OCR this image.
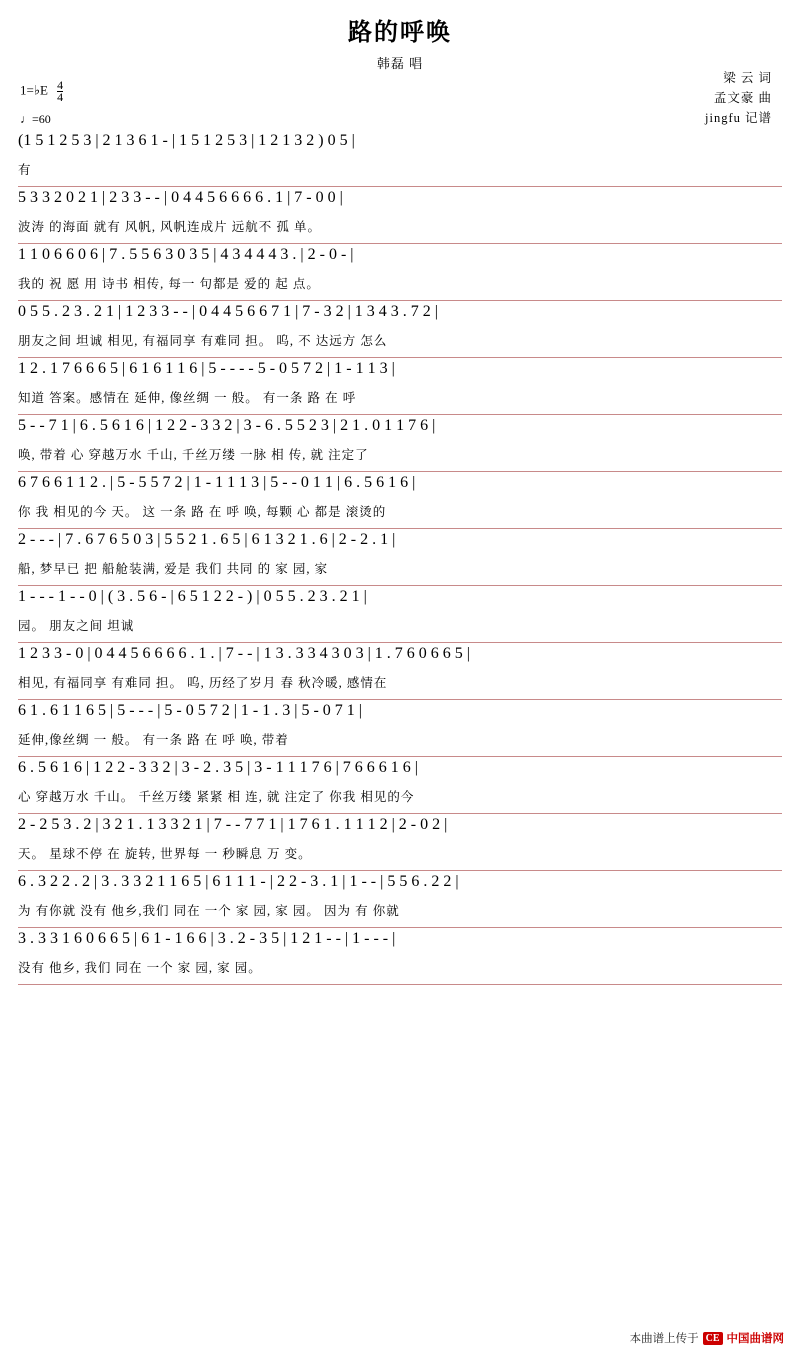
路的呼唤
韩磊 唱
梁 云 词
孟文豪 曲
jingfu 记谱
1=♭E $\frac{4}{4}$
♩=60
(1 5 1 2 5 3 | 2 1 3 6 1 - | 1 5 1 2 5 3 | 1 2 1 3 2 ) 0 5 |
有
5 3 3 2 0 2 1 | 2 3 3 - - | 0 4 4 5 6 6 6 6 . 1 | 7 - 0 0 |
波涛 的海面 就有 风帆, 风帆连成片 远航不 孤 单。
1 1 0 6 6 0 6 | 7 . 5 5 6 3 0 3 5 | 4 3 4 4 4 3 . | 2 - 0 - |
我的 祝 愿 用 诗书 相传, 每一 句都是 爱的 起 点。
0 5 5 . 2 3 . 2 1 | 1 2 3 3 - - | 0 4 4 5 6 6 7 1 | 7 - 3 2 | 1 3 4 3 . 7 2 |
朋友之间 坦诚 相见, 有福同享 有难同 担。 呜, 不 达远方 怎么
1 2 . 1 7 6 6 6 5 | 6 1 6 1 1 6 | 5 - - - - 5 - 0 5 7 2 | 1 - 1 1 3 |
知道 答案。感情在 延伸, 像丝绸 一 般。 有一条 路 在 呼
5 - - 7 1 | 6 . 5 6 1 6 | 1 2 2 - 3 3 2 | 3 - 6 . 5 5 2 3 | 2 1 . 0 1 1 7 6 |
唤, 带着 心 穿越万水 千山, 千丝万缕 一脉 相 传, 就 注定了
6 7 6 6 1 1 2 . | 5 - 5 5 7 2 | 1 - 1 1 1 3 | 5 - - 0 1 1 | 6 . 5 6 1 6 |
你 我 相见的今 天。 这 一条 路 在 呼 唤, 每颗 心 都是 滚烫的
2 - - - | 7 . 6 7 6 5 0 3 | 5 5 2 1 . 6 5 | 6 1 3 2 1 . 6 | 2 - 2 . 1 |
船, 梦早已 把 船舱装满, 爱是 我们 共同 的 家 园, 家
1 - - - 1 - - 0 | ( 3 . 5 6 - | 6 5 1 2 2 - ) | 0 5 5 . 2 3 . 2 1 |
园。 朋友之间 坦诚
1 2 3 3 - 0 | 0 4 4 5 6 6 6 6 . 1 . | 7 - - | 1 3 . 3 3 4 3 0 3 | 1 . 7 6 0 6 6 5 |
相见, 有福同享 有难同 担。 呜, 历经了岁月 春 秋冷暖, 感情在
6 1 . 6 1 1 6 5 | 5 - - - | 5 - 0 5 7 2 | 1 - 1 . 3 | 5 - 0 7 1 |
延伸,像丝绸 一 般。 有一条 路 在 呼 唤, 带着
6 . 5 6 1 6 | 1 2 2 - 3 3 2 | 3 - 2 . 3 5 | 3 - 1 1 1 7 6 | 7 6 6 6 1 6 |
心 穿越万水 千山。 千丝万缕 紧紧 相 连, 就 注定了 你我 相见的今
2 - 2 5 3 . 2 | 3 2 1 . 1 3 3 2 1 | 7 - - 7 7 1 | 1 7 6 1 . 1 1 1 2 | 2 - 0 2 |
天。 星球不停 在 旋转, 世界每 一 秒瞬息 万 变。
6 . 3 2 2 . 2 | 3 . 3 3 2 1 1 6 5 | 6 1 1 1 - | 2 2 - 3 . 1 | 1 - - | 5 5 6 . 2 2 |
为 有你就 没有 他乡,我们 同在 一个 家 园, 家 园。 因为 有 你就
3 . 3 3 1 6 0 6 6 5 | 6 1 - 1 6 6 | 3 . 2 - 3 5 | 1 2 1 - - | 1 - - - |
没有 他乡, 我们 同在 一个 家 园, 家 园。
本曲谱上传于 CE 中国曲谱网
